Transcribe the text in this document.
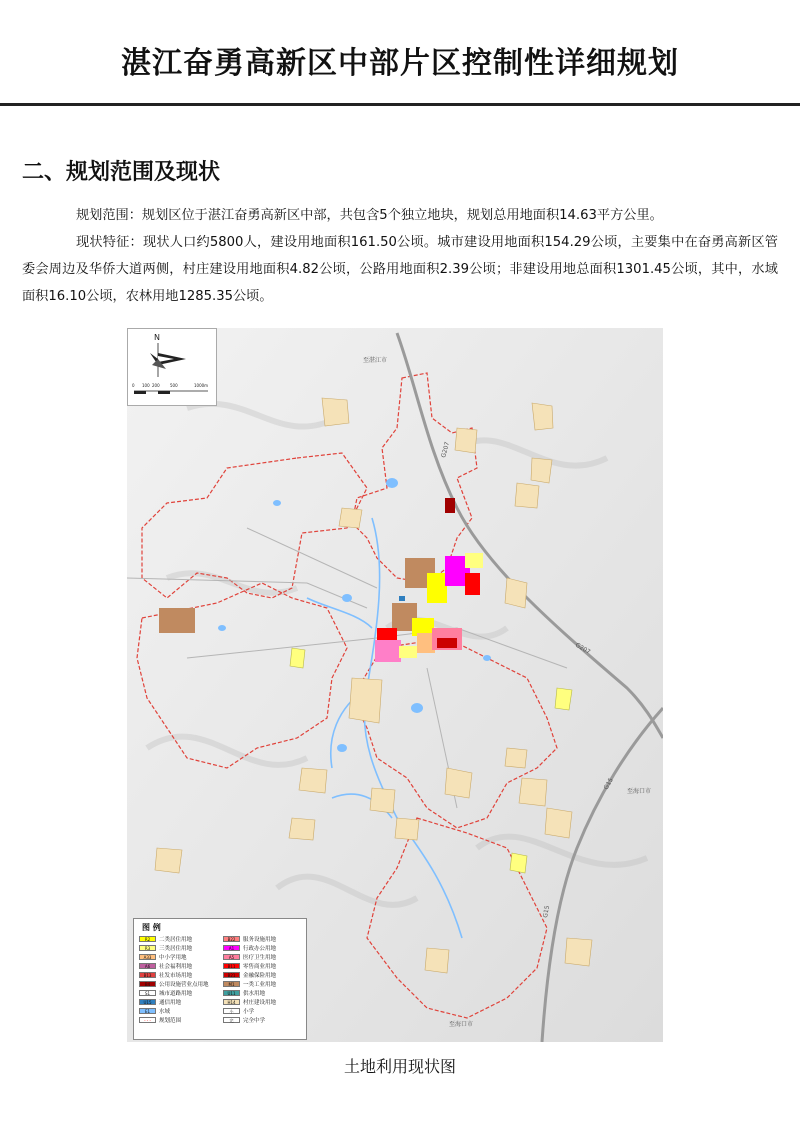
湛江奋勇高新区中部片区控制性详细规划
二、规划范围及现状
规划范围：规划区位于湛江奋勇高新区中部，共包含5个独立地块，规划总用地面积14.63平方公里。
现状特征：现状人口约5800人，建设用地面积161.50公顷。城市建设用地面积154.29公顷，主要集中在奋勇高新区管委会周边及华侨大道两侧，村庄建设用地面积4.82公顷，公路用地面积2.39公顷；非建设用地总面积1301.45公顷，其中，水域面积16.10公顷，农林用地1285.35公顷。
G207
G207
G15
G15
至湛江市
至海口市
至海口市
N
0 100 200	500	1000m
图 例
R2	二类居住用地	B22	服务设施用地
R3	三类居住用地	A1	行政办公用地
A33	中小学用地	A5	医疗卫生用地
A6	社会福利用地	B11	零售商业用地
B13	社发市场用地	B21	金融保险用地
B4	公用设施营业点用地	M1	一类工业用地
S1	城市道路用地	U11	供水用地
U15	通信用地	H14	村庄建设用地
E1	水域	小	小学
- - -	规划范围	完	完全中学
土地利用现状图
